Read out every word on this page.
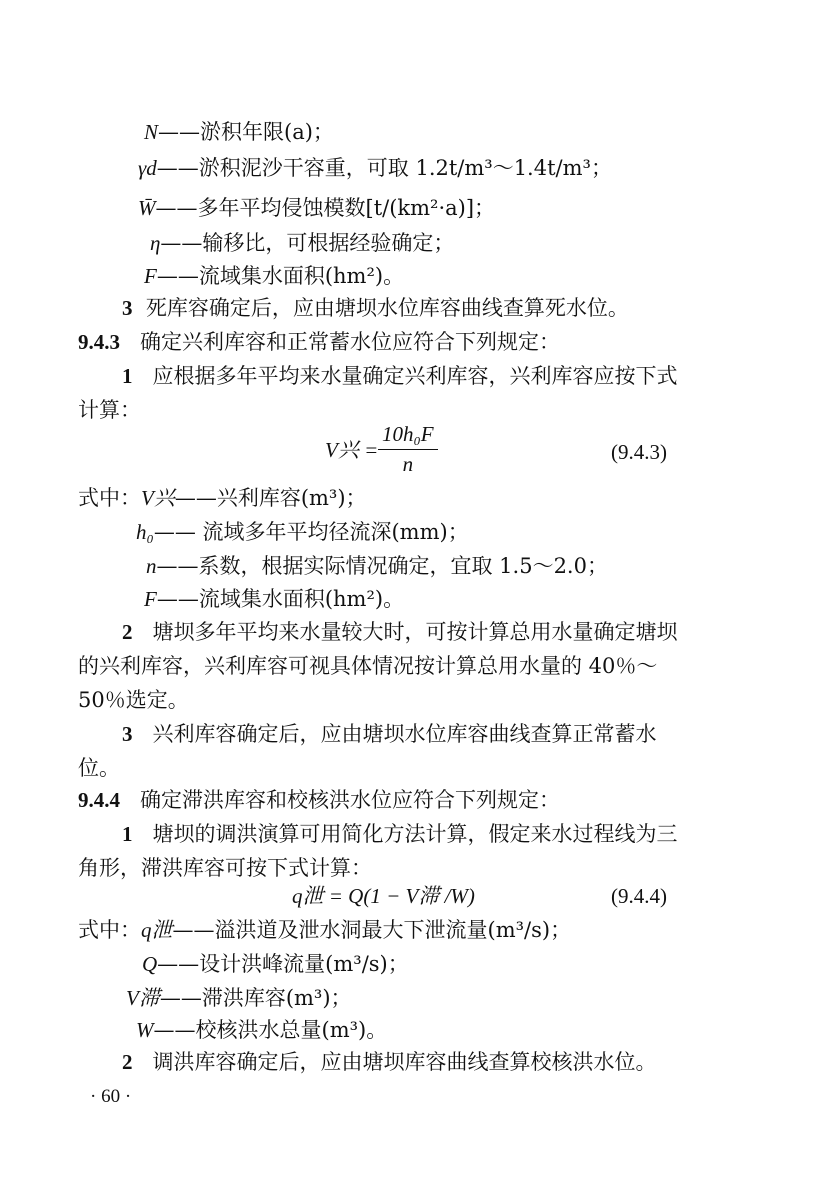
N——淤积年限(a)；
γd——淤积泥沙干容重，可取 1.2t/m³～1.4t/m³；
W̄——多年平均侵蚀模数[t/(km²·a)]；
η——输移比，可根据经验确定；
F——流域集水面积(hm²)。
3 死库容确定后，应由塘坝水位库容曲线查算死水位。
9.4.3 确定兴利库容和正常蓄水位应符合下列规定：
1 应根据多年平均来水量确定兴利库容，兴利库容应按下式
计算：
V兴 = $\frac{\text{10h₀F}}{n}$	(9.4.3)
式中：V兴——兴利库容(m³)；
h₀—— 流域多年平均径流深(mm)；
n——系数，根据实际情况确定，宜取 1.5～2.0；
F——流域集水面积(hm²)。
2 塘坝多年平均来水量较大时，可按计算总用水量确定塘坝
的兴利库容，兴利库容可视具体情况按计算总用水量的 40％～
50％选定。
3 兴利库容确定后，应由塘坝水位库容曲线查算正常蓄水
位。
9.4.4 确定滞洪库容和校核洪水位应符合下列规定：
1 塘坝的调洪演算可用简化方法计算，假定来水过程线为三
角形，滞洪库容可按下式计算：
q泄 = Q(1 − V滞 /W)	(9.4.4)
式中：q泄——溢洪道及泄水洞最大下泄流量(m³/s)；
Q——设计洪峰流量(m³/s)；
V滞——滞洪库容(m³)；
W——校核洪水总量(m³)。
2 调洪库容确定后，应由塘坝库容曲线查算校核洪水位。
· 60 ·
